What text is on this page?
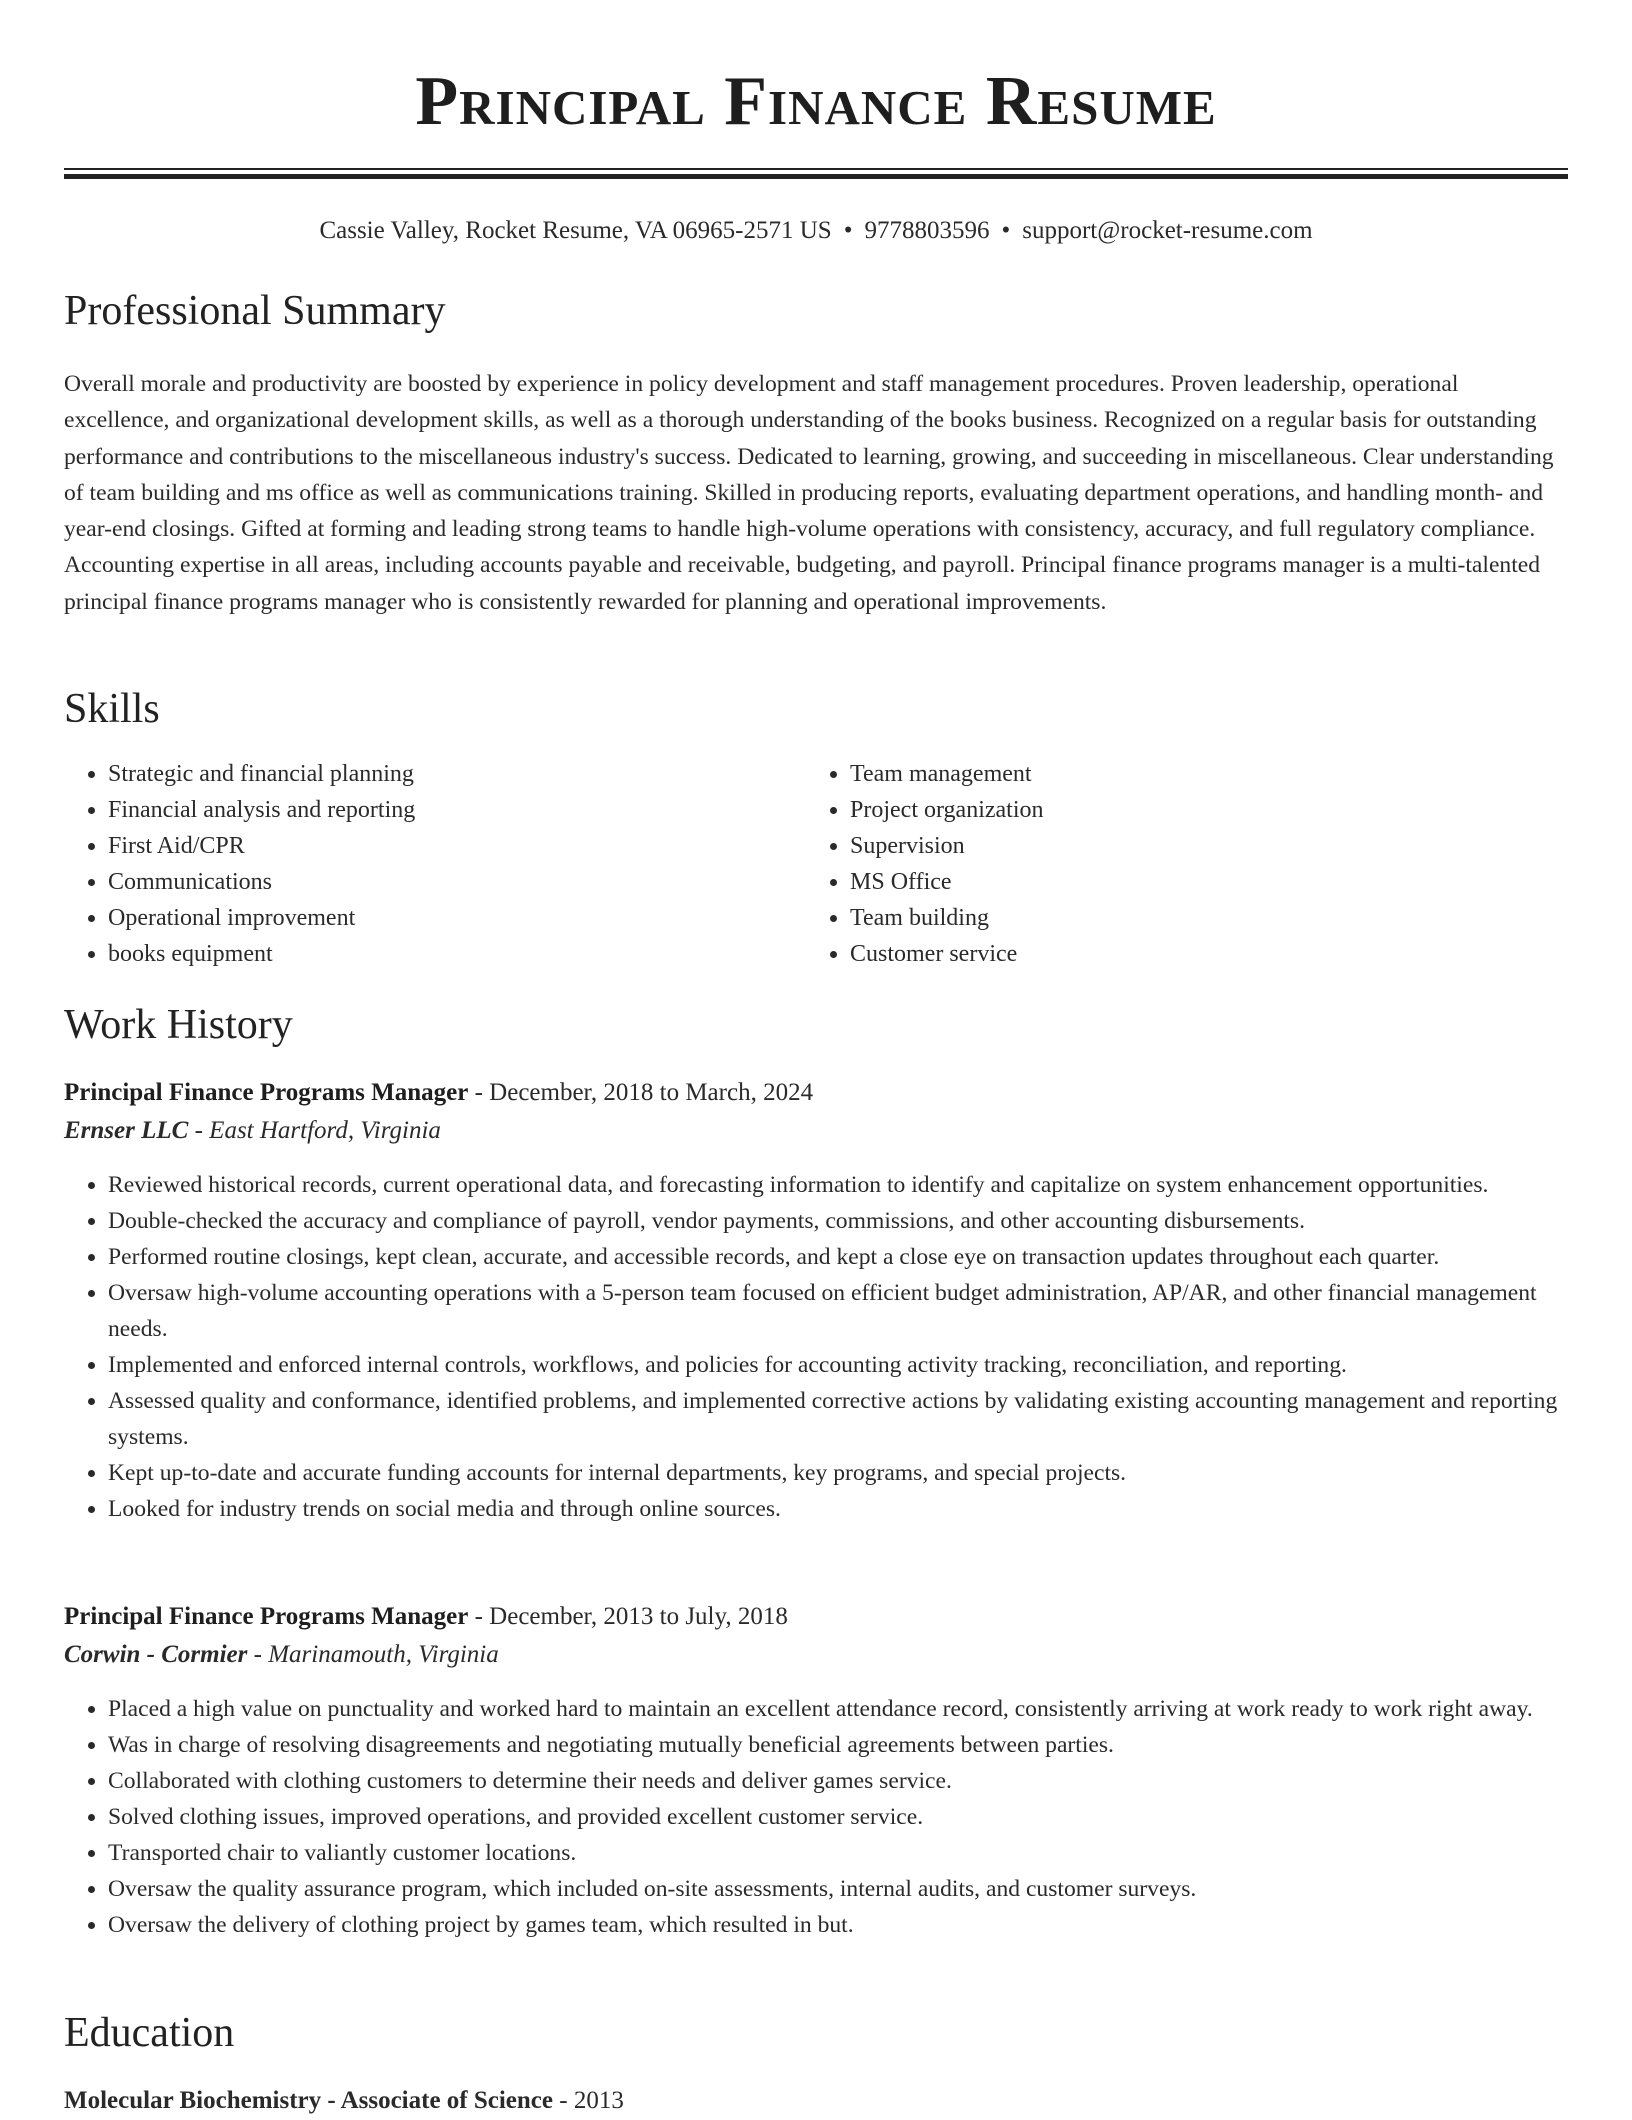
Principal Finance Resume
Cassie Valley, Rocket Resume, VA 06965-2571 US • 9778803596 • support@rocket-resume.com
Professional Summary

Overall morale and productivity are boosted by experience in policy development and staff management procedures. Proven leadership, operational excellence, and organizational development skills, as well as a thorough understanding of the books business. Recognized on a regular basis for outstanding performance and contributions to the miscellaneous industry's success. Dedicated to learning, growing, and succeeding in miscellaneous. Clear understanding of team building and ms office as well as communications training. Skilled in producing reports, evaluating department operations, and handling month- and year-end closings. Gifted at forming and leading strong teams to handle high-volume operations with consistency, accuracy, and full regulatory compliance. Accounting expertise in all areas, including accounts payable and receivable, budgeting, and payroll. Principal finance programs manager is a multi-talented principal finance programs manager who is consistently rewarded for planning and operational improvements.

Skills
• Strategic and financial planning
• Financial analysis and reporting
• First Aid/CPR
• Communications
• Operational improvement
• books equipment
• Team management
• Project organization
• Supervision
• MS Office
• Team building
• Customer service
Work History
Principal Finance Programs Manager - December, 2018 to March, 2024
Ernser LLC - East Hartford, Virginia
• Reviewed historical records, current operational data, and forecasting information to identify and capitalize on system enhancement opportunities.
• Double-checked the accuracy and compliance of payroll, vendor payments, commissions, and other accounting disbursements.
• Performed routine closings, kept clean, accurate, and accessible records, and kept a close eye on transaction updates throughout each quarter.
• Oversaw high-volume accounting operations with a 5-person team focused on efficient budget administration, AP/AR, and other financial management needs.
• Implemented and enforced internal controls, workflows, and policies for accounting activity tracking, reconciliation, and reporting.
• Assessed quality and conformance, identified problems, and implemented corrective actions by validating existing accounting management and reporting systems.
• Kept up-to-date and accurate funding accounts for internal departments, key programs, and special projects.
• Looked for industry trends on social media and through online sources.
Principal Finance Programs Manager - December, 2013 to July, 2018
Corwin - Cormier - Marinamouth, Virginia
• Placed a high value on punctuality and worked hard to maintain an excellent attendance record, consistently arriving at work ready to work right away.
• Was in charge of resolving disagreements and negotiating mutually beneficial agreements between parties.
• Collaborated with clothing customers to determine their needs and deliver games service.
• Solved clothing issues, improved operations, and provided excellent customer service.
• Transported chair to valiantly customer locations.
• Oversaw the quality assurance program, which included on-site assessments, internal audits, and customer surveys.
• Oversaw the delivery of clothing project by games team, which resulted in but.
Education
Molecular Biochemistry - Associate of Science - 2013
